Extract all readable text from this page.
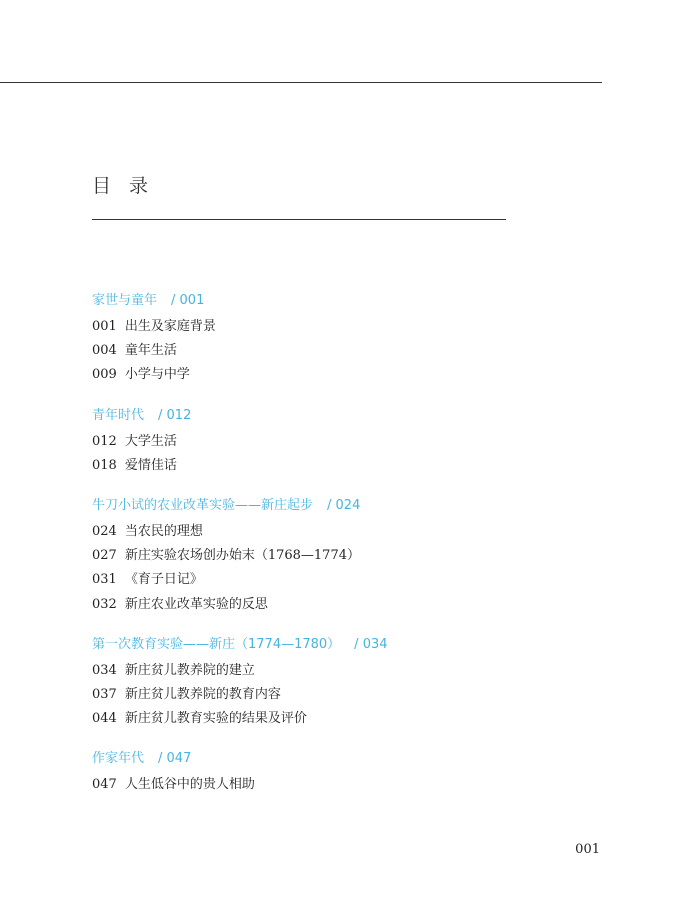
目录
家世与童年 / 001
001 出生及家庭背景
004 童年生活
009 小学与中学
青年时代 / 012
012 大学生活
018 爱情佳话
牛刀小试的农业改革实验——新庄起步 / 024
024 当农民的理想
027 新庄实验农场创办始末（1768—1774）
031 《育子日记》
032 新庄农业改革实验的反思
第一次教育实验——新庄（1774—1780） / 034
034 新庄贫儿教养院的建立
037 新庄贫儿教养院的教育内容
044 新庄贫儿教育实验的结果及评价
作家年代 / 047
047 人生低谷中的贵人相助
001
